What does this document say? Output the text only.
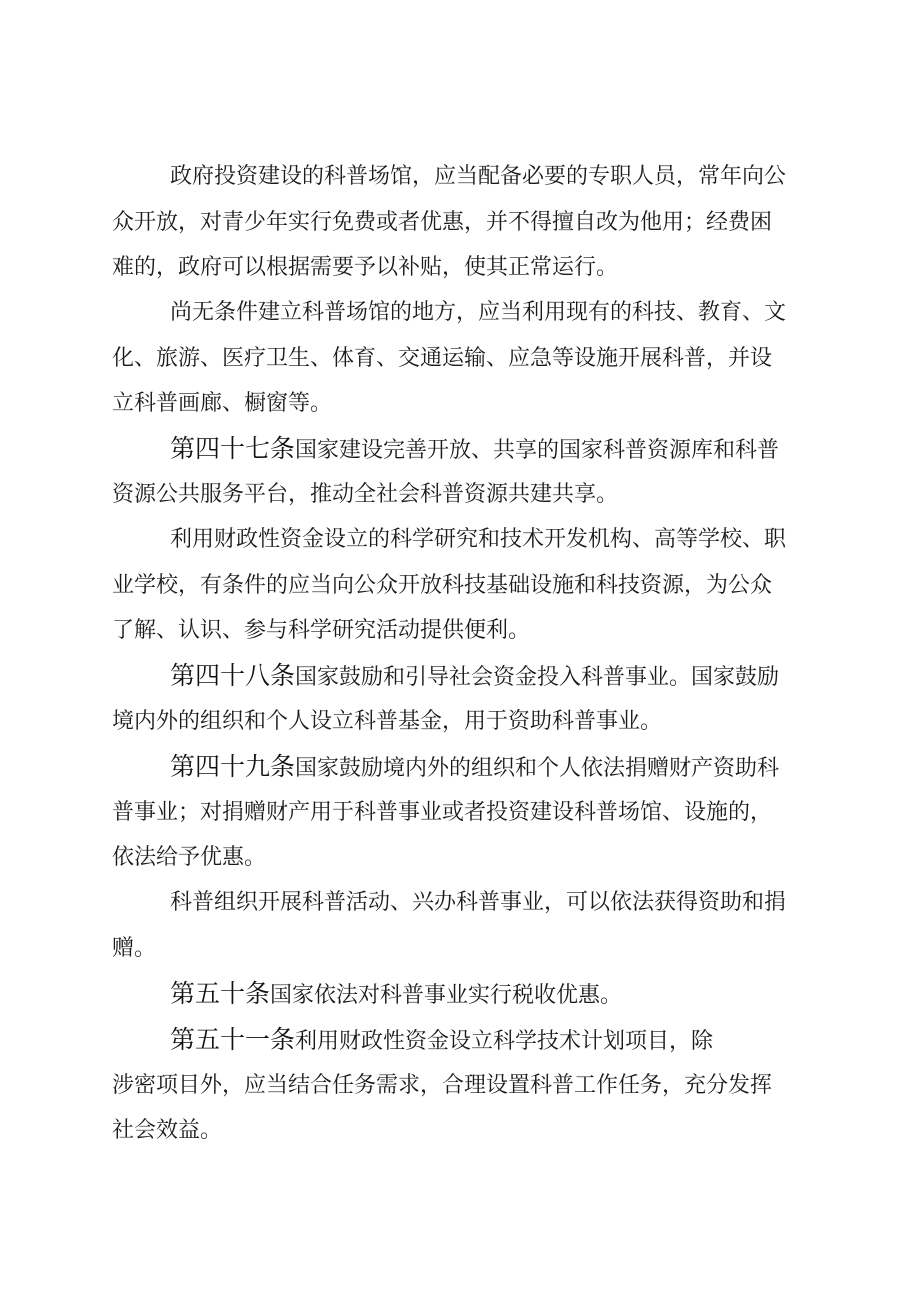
政府投资建设的科普场馆，应当配备必要的专职人员，常年向公
众开放，对青少年实行免费或者优惠，并不得擅自改为他用；经费困
难的，政府可以根据需要予以补贴，使其正常运行。
尚无条件建立科普场馆的地方，应当利用现有的科技、教育、文
化、旅游、医疗卫生、体育、交通运输、应急等设施开展科普，并设
立科普画廊、橱窗等。
第四十七条国家建设完善开放、共享的国家科普资源库和科普
资源公共服务平台，推动全社会科普资源共建共享。
利用财政性资金设立的科学研究和技术开发机构、高等学校、职
业学校，有条件的应当向公众开放科技基础设施和科技资源，为公众
了解、认识、参与科学研究活动提供便利。
第四十八条国家鼓励和引导社会资金投入科普事业。国家鼓励
境内外的组织和个人设立科普基金，用于资助科普事业。
第四十九条国家鼓励境内外的组织和个人依法捐赠财产资助科
普事业；对捐赠财产用于科普事业或者投资建设科普场馆、设施的，
依法给予优惠。
科普组织开展科普活动、兴办科普事业，可以依法获得资助和捐
赠。
第五十条国家依法对科普事业实行税收优惠。
第五十一条利用财政性资金设立科学技术计划项目，除
涉密项目外，应当结合任务需求，合理设置科普工作任务，充分发挥
社会效益。
